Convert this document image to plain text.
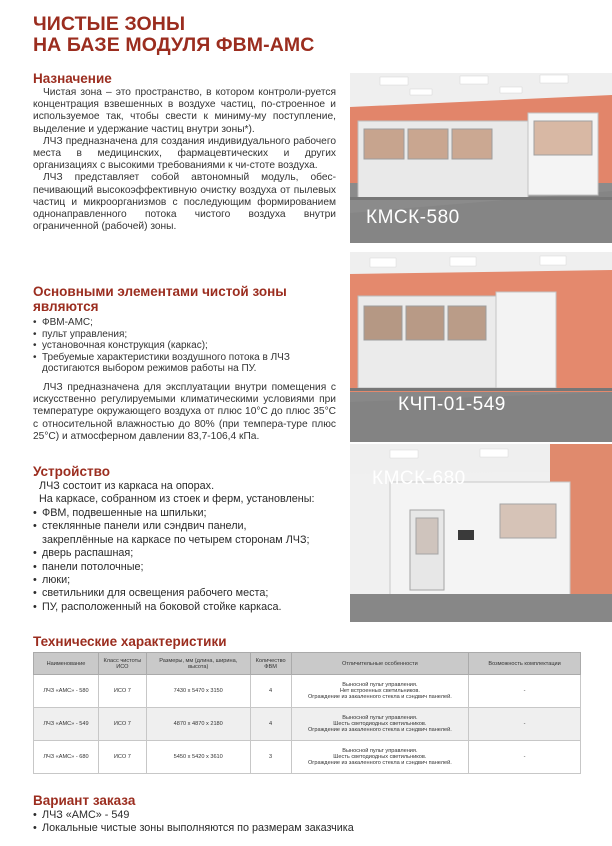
ЧИСТЫЕ ЗОНЫ
НА БАЗЕ МОДУЛЯ ФВМ-АМС
Назначение
Чистая зона – это пространство, в котором контроли-руется концентрация взвешенных в воздухе частиц, по-строенное и используемое так, чтобы свести к миниму-му поступление, выделение и удержание частиц внутри зоны*).
ЛЧЗ предназначена для создания индивидуального рабочего места в медицинских, фармацевтических и других организациях с высокими требованиями к чи-стоте воздуха.
ЛЧЗ представляет собой автономный модуль, обес-печивающий высокоэффективную очистку воздуха от пылевых частиц и микроорганизмов с последующим формированием однонаправленного потока чистого воздуха внутри ограниченной (рабочей) зоны.
Основными элементами чистой зоны
являются
• ФВМ-АМС;
• пульт управления;
• установочная конструкция (каркас);
• Требуемые характеристики воздушного потока в ЛЧЗ достигаются выбором режимов работы на ПУ.
ЛЧЗ предназначена для эксплуатации внутри помещения с искусственно регулируемыми климатическими условиями при температуре окружающего воздуха от плюс 10°С до плюс 35°С с относительной влажностью до 80% (при темпера-туре плюс 25°С) и атмосферном давлении 83,7-106,4 кПа.
Устройство
ЛЧЗ состоит из каркаса на опорах.
На каркасе, собранном из стоек и ферм, установлены:
• ФВМ, подвешенные на шпильки;
• стеклянные панели или сэндвич панели,
закреплённые на каркасе по четырем сторонам ЛЧЗ;
• дверь распашная;
• панели потолочные;
• люки;
• светильники для освещения рабочего места;
• ПУ, расположенный на боковой стойке каркаса.
КМСК-580
КЧП-01-549
КМСК-680
Технические характеристики
Наименование	Класс чистоты ИСО	Размеры, мм (длина, ширина, высота)	Количество ФВМ	Отличительные особенности	Возможность комплектации
ЛЧЗ «АМС» - 580	ИСО 7	7430 х 5470 х 3150	4	Выносной пульт управления.
Нет встроенных светильников.
Ограждение из закаленного стекла и сэндвич панелей.	-
ЛЧЗ «АМС» - 549	ИСО 7	4870 х 4870 х 2180	4	Выносной пульт управления.
Шесть светодиодных светильников.
Ограждение из закаленного стекла и сэндвич панелей.	-
ЛЧЗ «АМС» - 680	ИСО 7	5450 х 5420 х 3610	3	Выносной пульт управления.
Шесть светодиодных светильников.
Ограждение из закаленного стекла и сэндвич панелей.	-
Вариант заказа
• ЛЧЗ «АМС» - 549
• Локальные чистые зоны выполняются по размерам заказчика
